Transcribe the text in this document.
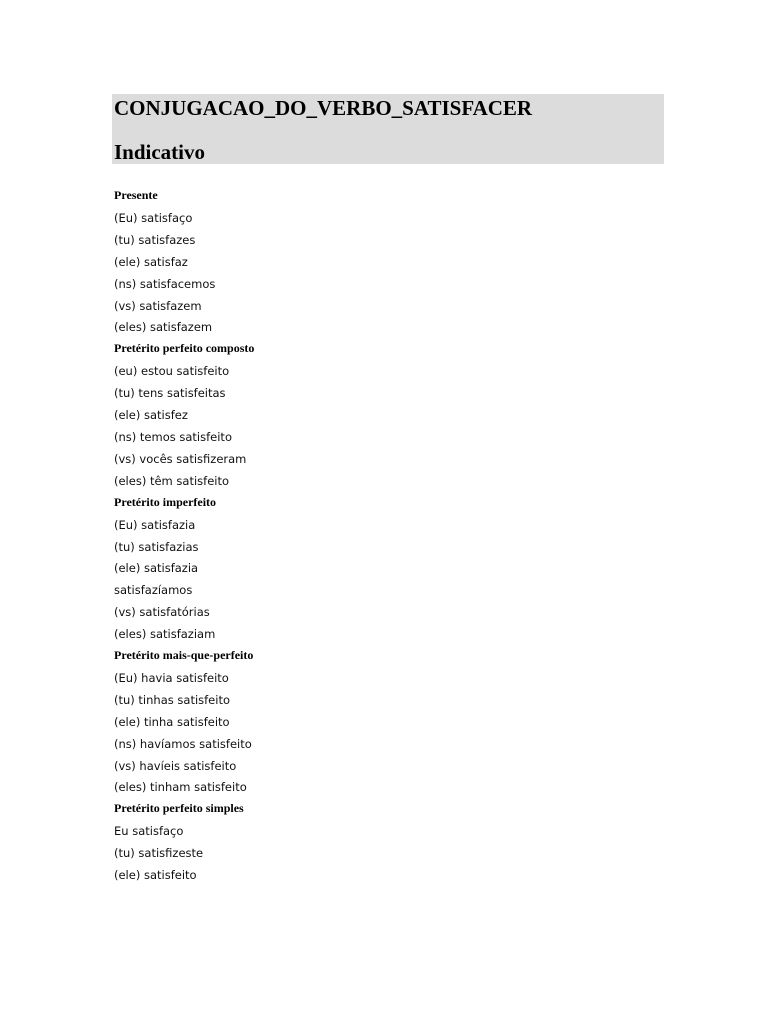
CONJUGACAO_DO_VERBO_SATISFACER
Indicativo
Presente
(Eu) satisfaço
(tu) satisfazes
(ele) satisfaz
(ns) satisfacemos
(vs) satisfazem
(eles) satisfazem
Pretérito perfeito composto
(eu) estou satisfeito
(tu) tens satisfeitas
(ele) satisfez
(ns) temos satisfeito
(vs) vocês satisfizeram
(eles) têm satisfeito
Pretérito imperfeito
(Eu) satisfazia
(tu) satisfazias
(ele) satisfazia
satisfazíamos
(vs) satisfatórias
(eles) satisfaziam
Pretérito mais-que-perfeito
(Eu) havia satisfeito
(tu) tinhas satisfeito
(ele) tinha satisfeito
(ns) havíamos satisfeito
(vs) havíeis satisfeito
(eles) tinham satisfeito
Pretérito perfeito simples
Eu satisfaço
(tu) satisfizeste
(ele) satisfeito
